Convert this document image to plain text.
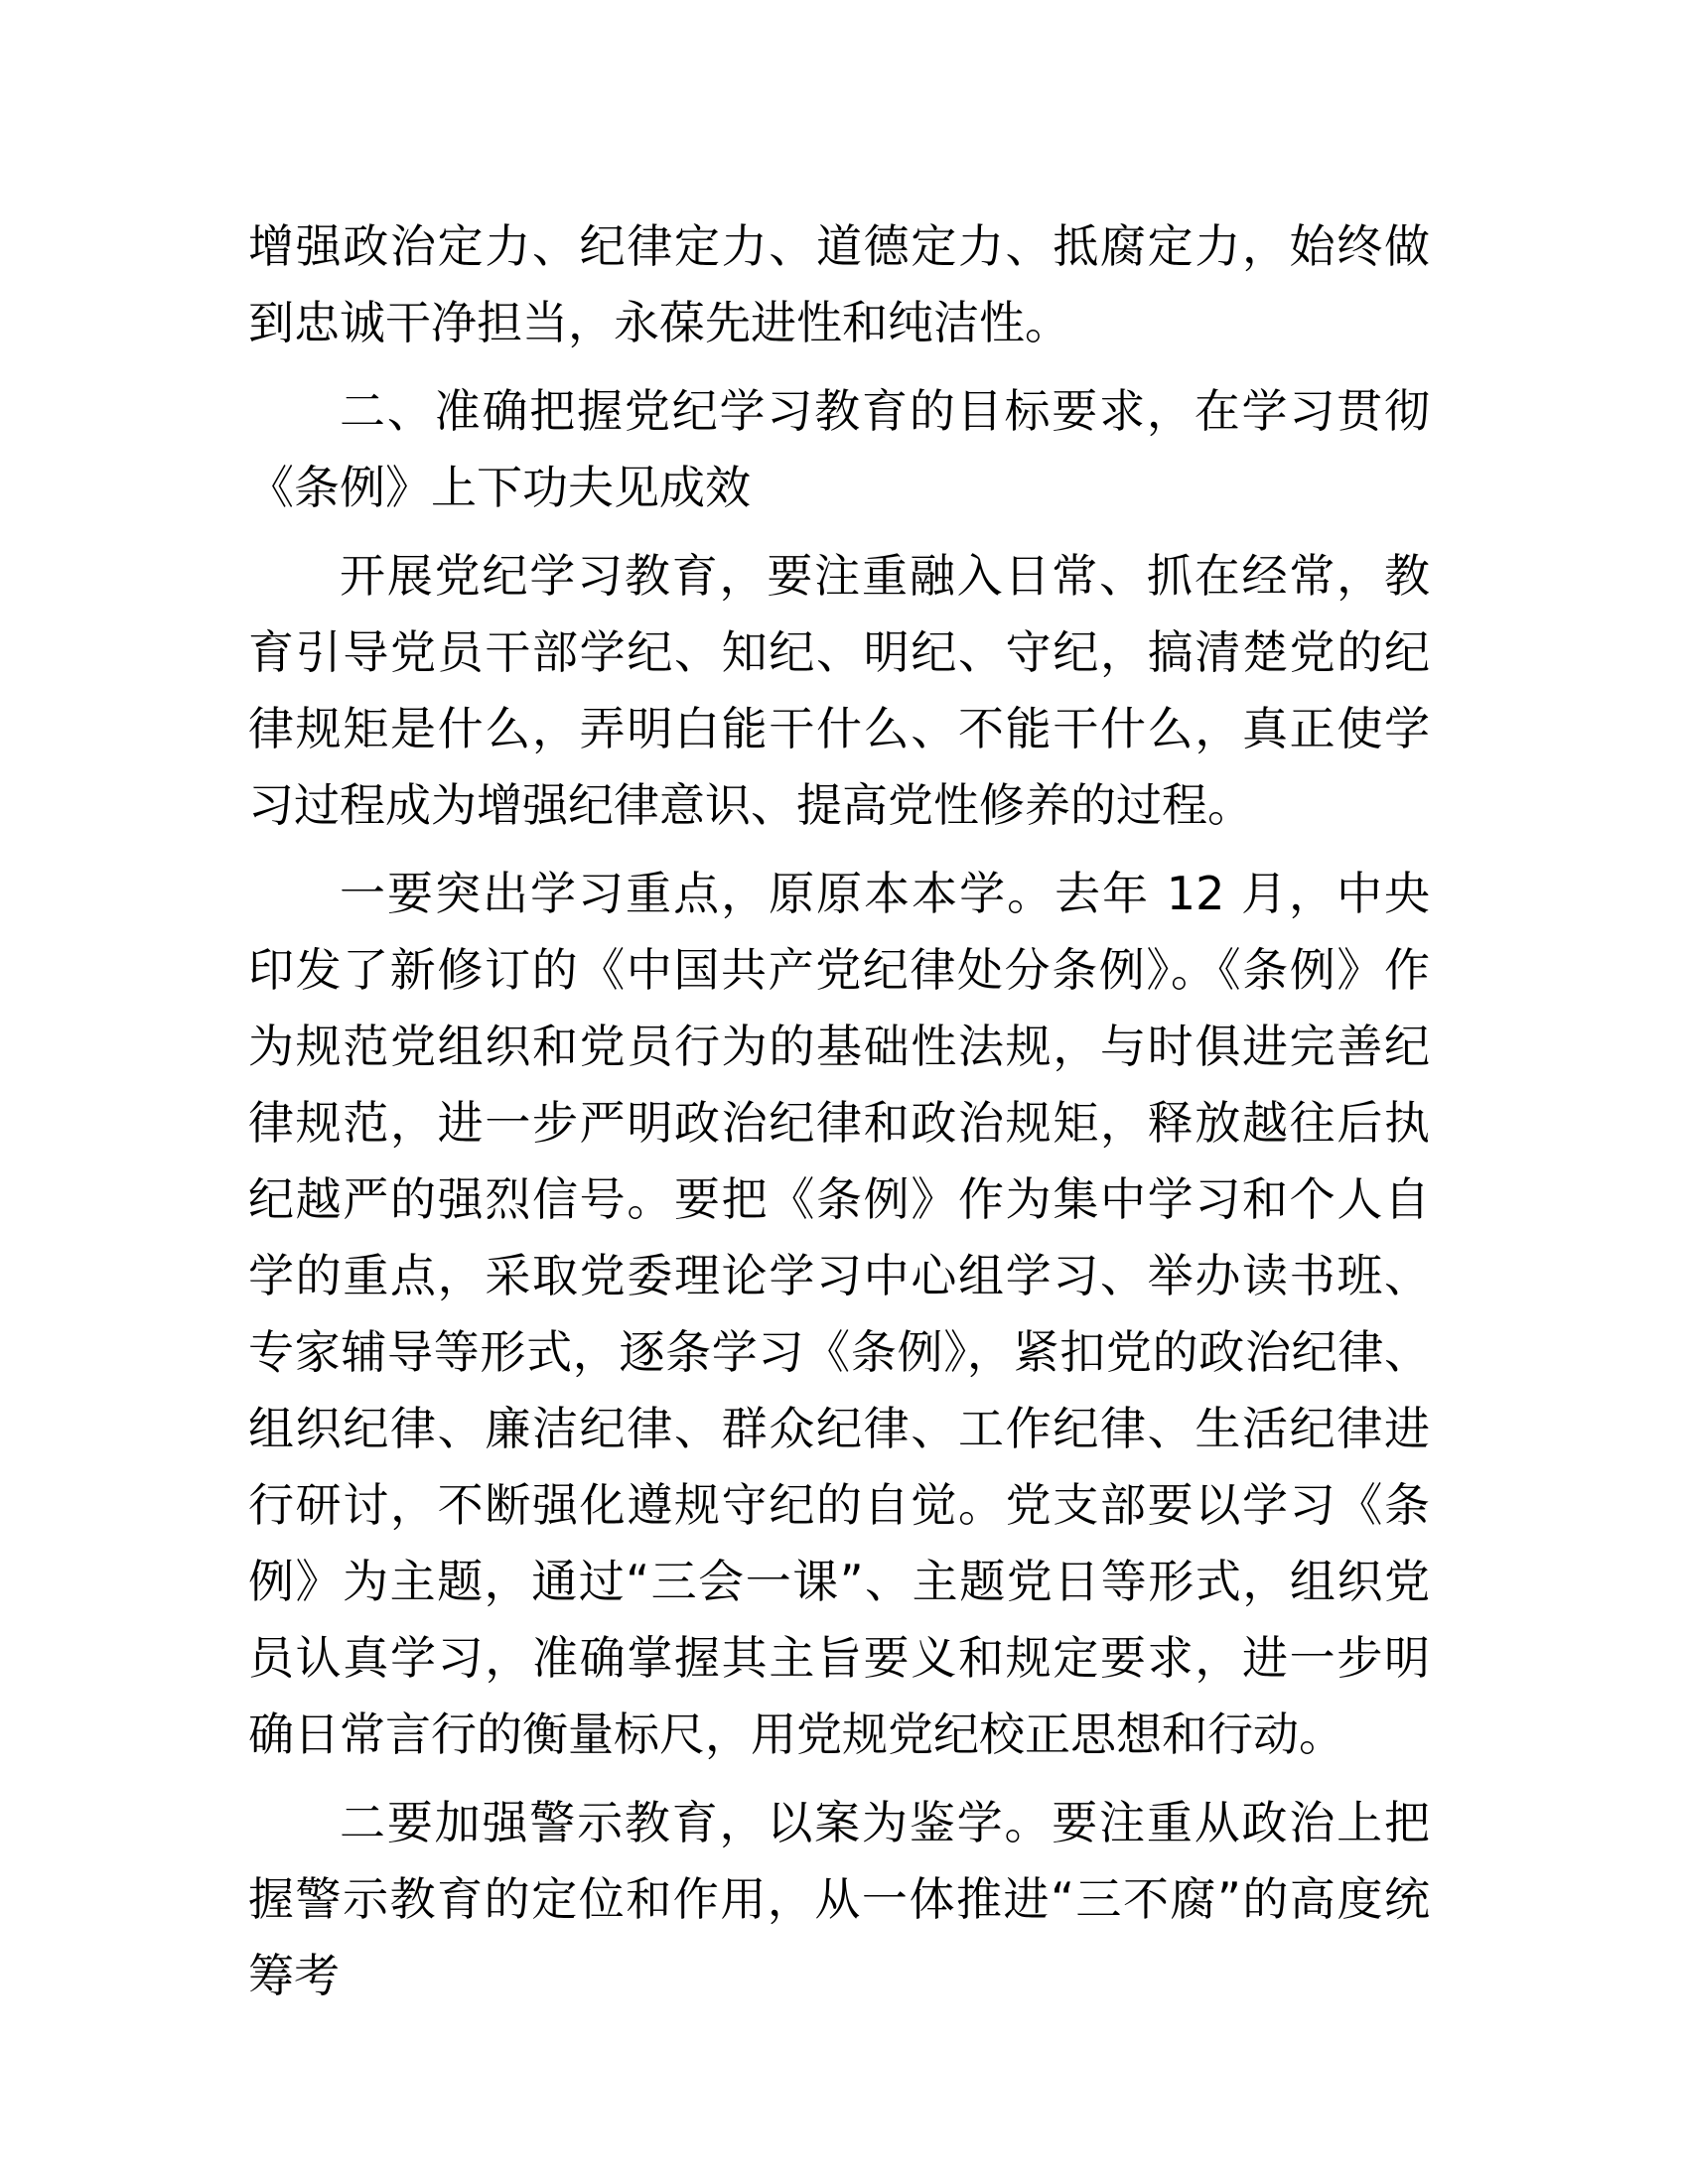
增强政治定力、纪律定力、道德定力、抵腐定力，始终做到忠诚干净担当，永葆先进性和纯洁性。

二、准确把握党纪学习教育的目标要求，在学习贯彻《条例》上下功夫见成效

开展党纪学习教育，要注重融入日常、抓在经常，教育引导党员干部学纪、知纪、明纪、守纪，搞清楚党的纪律规矩是什么，弄明白能干什么、不能干什么，真正使学习过程成为增强纪律意识、提高党性修养的过程。

一要突出学习重点，原原本本学。去年 12 月，中央印发了新修订的《中国共产党纪律处分条例》。《条例》作为规范党组织和党员行为的基础性法规，与时俱进完善纪律规范，进一步严明政治纪律和政治规矩，释放越往后执纪越严的强烈信号。要把《条例》作为集中学习和个人自学的重点，采取党委理论学习中心组学习、举办读书班、专家辅导等形式，逐条学习《条例》，紧扣党的政治纪律、组织纪律、廉洁纪律、群众纪律、工作纪律、生活纪律进行研讨，不断强化遵规守纪的自觉。党支部要以学习《条例》为主题，通过“三会一课”、主题党日等形式，组织党员认真学习，准确掌握其主旨要义和规定要求，进一步明确日常言行的衡量标尺，用党规党纪校正思想和行动。

二要加强警示教育，以案为鉴学。要注重从政治上把握警示教育的定位和作用，从一体推进“三不腐”的高度统筹考
